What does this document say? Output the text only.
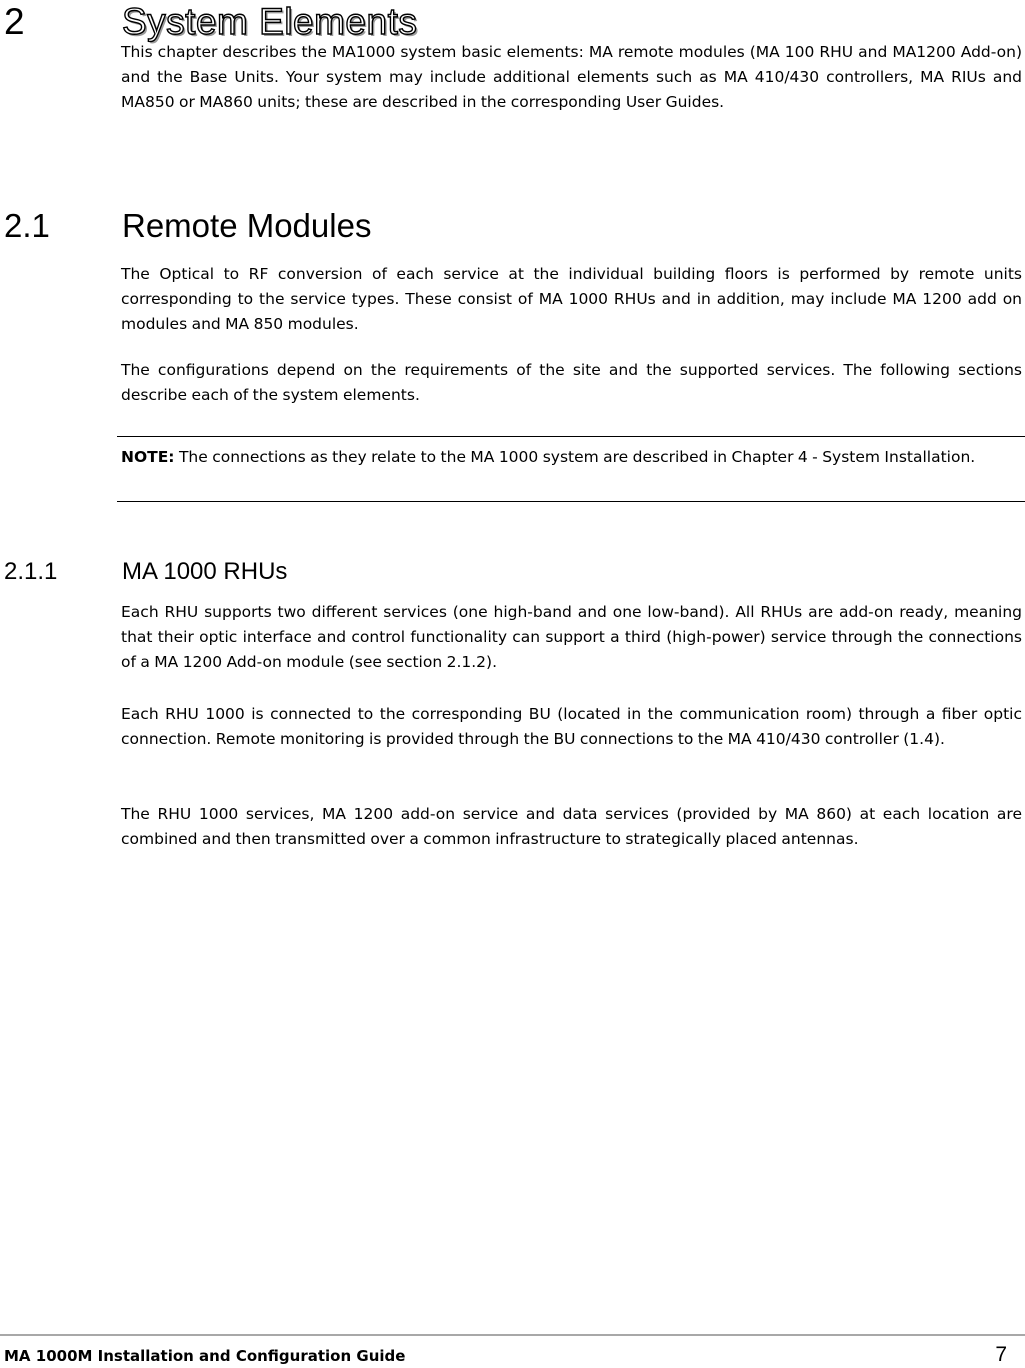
2	System Elements

This chapter describes the MA1000 system basic elements: MA remote modules (MA 100 RHU and MA1200 Add-on) and the Base Units. Your system may include additional elements such as MA 410/430 controllers, MA RIUs and MA850 or MA860 units; these are described in the corresponding User Guides.

2.1 Remote Modules

The Optical to RF conversion of each service at the individual building floors is performed by remote units corresponding to the service types. These consist of MA 1000 RHUs and in addition, may include MA 1200 add on modules and MA 850 modules.

The configurations depend on the requirements of the site and the supported services. The following sections describe each of the system elements.

NOTE: The connections as they relate to the MA 1000 system are described in Chapter 4 - System Installation.

2.1.1	MA 1000 RHUs

Each RHU supports two different services (one high-band and one low-band). All RHUs are add-on ready, meaning that their optic interface and control functionality can support a third (high-power) service through the connections of a MA 1200 Add-on module (see section 2.1.2).

Each RHU 1000 is connected to the corresponding BU (located in the communication room) through a fiber optic connection. Remote monitoring is provided through the BU connections to the MA 410/430 controller (1.4).

The RHU 1000 services, MA 1200 add-on service and data services (provided by MA 860) at each location are combined and then transmitted over a common infrastructure to strategically placed antennas.

MA 1000M Installation and Configuration Guide	7
